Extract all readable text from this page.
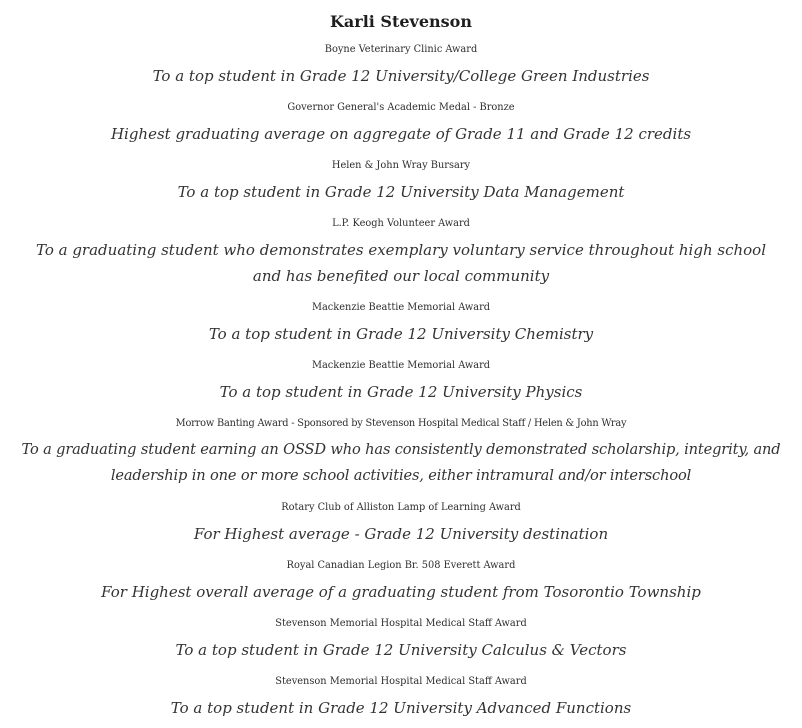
Karli Stevenson
Boyne Veterinary Clinic Award
To a top student in Grade 12 University/College Green Industries
Governor General's Academic Medal - Bronze
Highest graduating average on aggregate of Grade 11 and Grade 12 credits
Helen & John Wray Bursary
To a top student in Grade 12 University Data Management
L.P. Keogh Volunteer Award
To a graduating student who demonstrates exemplary voluntary service throughout high school and has benefited our local community
Mackenzie Beattie Memorial Award
To a top student in Grade 12 University Chemistry
Mackenzie Beattie Memorial Award
To a top student in Grade 12 University Physics
Morrow Banting Award - Sponsored by Stevenson Hospital Medical Staff / Helen & John Wray
To a graduating student earning an OSSD who has consistently demonstrated scholarship, integrity, and leadership in one or more school activities, either intramural and/or interschool
Rotary Club of Alliston Lamp of Learning Award
For Highest average - Grade 12 University destination
Royal Canadian Legion Br. 508 Everett Award
For Highest overall average of a graduating student from Tosorontio Township
Stevenson Memorial Hospital Medical Staff Award
To a top student in Grade 12 University Calculus & Vectors
Stevenson Memorial Hospital Medical Staff Award
To a top student in Grade 12 University Advanced Functions
